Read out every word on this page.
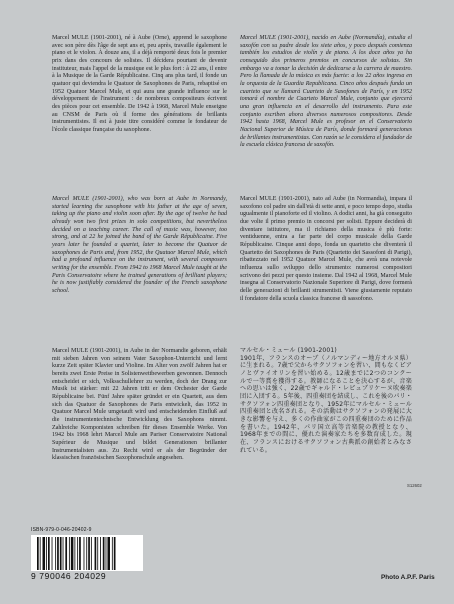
Marcel MULE (1901-2001), né à Aube (Orne), apprend le saxophone avec son père dès l'âge de sept ans et, peu après, travaille également le piano et le violon. À douze ans, il a déjà remporté deux fois le premier prix dans des concours de solistes. Il décidera pourtant de devenir instituteur, mais l'appel de la musique est le plus fort : à 22 ans, il entre à la Musique de la Garde Républicaine. Cinq ans plus tard, il fonde un quatuor qui deviendra le Quatuor de Saxophones de Paris, rebaptisé en 1952 Quatuor Marcel Mule, et qui aura une grande influence sur le développement de l'instrument : de nombreux compositeurs écrivent des pièces pour cet ensemble. De 1942 à 1968, Marcel Mule enseigne au CNSM de Paris où il forme des générations de brillants instrumentistes. Il est à juste titre considéré comme le fondateur de l'école classique française du saxophone.

Marcel MULE (1901-2001), nacido en Aube (Normandía), estudia el saxofón con su padre desde los siete años, y poco después comienza también los estudios de violín y de piano. A los doce años ya ha conseguido dos primeros premios en concursos de solistas. Sin embargo va a tomar la decisión de dedicarse a la carrera de maestro. Pero la llamada de la música es más fuerte: a los 22 años ingresa en la orquesta de la Guardia Republicana. Cinco años después funda un cuarteto que se llamará Cuarteto de Saxofones de París, y en 1952 tomará el nombre de Cuarteto Marcel Mule, conjunto que ejercerá una gran influencia en el desarrollo del instrumento. Para este conjunto escriben ahora diversos numerosos compositores. Desde 1942 hasta 1968, Marcel Mule es profesor en el Conservatorio Nacional Superior de Música de París, donde formará generaciones de brillantes instrumentistas. Con razón se le considera el fundador de la escuela clásica francesa de saxofón.

Marcel MULE (1901-2001), who was born at Aube in Normandy, started learning the saxophone with his father at the age of seven, taking up the piano and violin soon after. By the age of twelve he had already won two first prizes in solo competitions, but nevertheless decided on a teaching career. The call of music was, however, too strong, and at 22 he joined the band of the Garde Républicaine. Five years later he founded a quartet, later to become the Quatuor de saxophones de Paris and, from 1952, the Quatuor Marcel Mule, which had a profound influence on the instrument, with several composers writing for the ensemble. From 1942 to 1968 Marcel Mule taught at the Paris Conservatoire where he trained generations of brilliant players; he is now justifiably considered the founder of the French saxophone school.

Marcel MULE (1901-2001), nato ad Aube (in Normandia), impara il saxofono col padre sin dall'età di sette anni, e poco tempo dopo, studia ugualmente il pianoforte ed il violino. A dodici anni, ha già conseguito due volte il primo premio in concorsi per solisti. Eppure deciderà di diventare istitutore, ma il richiamo della musica è più forte: ventiduenne, entra a far parte del corpo musicale della Garde Républicaine. Cinque anni dopo, fonda un quartetto che diventerà il Quartetto dei Saxophones de Paris (Quartetto dei Sassofoni di Parigi), ribattezzato nel 1952 Quatuor Marcel Mule, che avrà una notevole influenza sullo sviluppo dello strumento: numerosi compositori scrivono dei pezzi per questo insieme. Dal 1942 al 1968, Marcel Mule insegna al Conservatorio Nazionale Superiore di Parigi, dove formerà delle generazioni di brillanti strumentisti. Viene giustamente reputato il fondatore della scuola classica francese di sassofono.

Marcel MULE (1901-2001), in Aube in der Normandie geboren, erhält mit sieben Jahren von seinem Vater Saxophon-Unterricht und lernt kurze Zeit später Klavier und Violine. Im Alter von zwölf Jahren hat er bereits zwei Erste Preise in Solistenwettbewerben gewonnen. Dennoch entscheidet er sich, Volksschullehrer zu werden, doch der Drang zur Musik ist stärker: mit 22 Jahren tritt er dem Orchester der Garde Républicaine bei. Fünf Jahre später gründet er ein Quartett, aus dem sich das Quatuor de Saxophones de Paris entwickelt, das 1952 in Quatuor Marcel Mule umgetauft wird und entscheidenden Einfluß auf die instrumententechnische Entwicklung des Saxophons nimmt. Zahlreiche Komponisten schreiben für dieses Ensemble Werke. Von 1942 bis 1968 lehrt Marcel Mule am Pariser Conservatoire National Supérieur de Musique und bildet Generationen brillanter Instrumentalisten aus. Zu Recht wird er als der Begründer der klassischen französischen Saxophonschule angesehen.

マルセル・ミュール (1901-2001)

1901年、フランスのオーブ（ノルマンディー地方オルヌ県）に生まれる。7歳で父からサクソフォンを習い、間もなくピアノとヴァイオリンを習い始める。12歳までに2つのコンクールで一等賞を獲得する。教師になることを決心するが、音楽への思いは強く、22歳でギャルド・レピュブリケーヌ吹奏楽団に入団する。5年後、四重奏団を結成し、これを後のパリ・サクソフォン四重奏団となり、1952年にマルセル・ミュール四重奏団と改名される。その活動はサクソフォンの発展に大きな影響を与え、多くの作曲家がこの四重奏団のために作品を書いた。1942年、パリ国立高等音楽院の教授となり、1968年までの間に、優れた演奏家たちを多数育成した。現在、フランスにおけるサクソフォン古典派の創始者とみなされている。

S12602
ISBN-979-0-046-20402-9
9 790046 204029	Photo A.P.F. Paris
